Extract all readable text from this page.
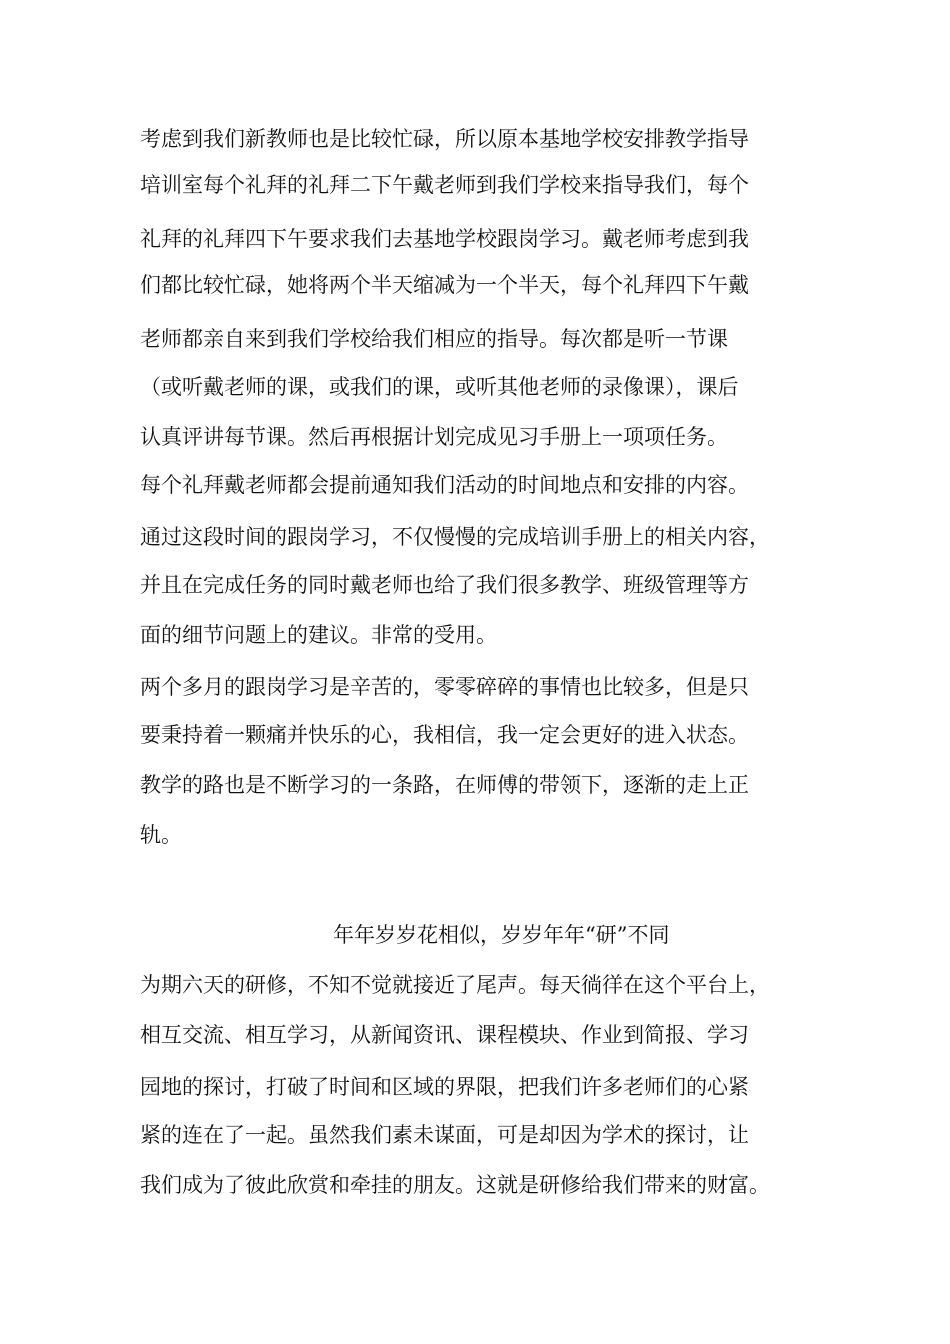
考虑到我们新教师也是比较忙碌，所以原本基地学校安排教学指导
培训室每个礼拜的礼拜二下午戴老师到我们学校来指导我们，每个
礼拜的礼拜四下午要求我们去基地学校跟岗学习。戴老师考虑到我
们都比较忙碌，她将两个半天缩减为一个半天，每个礼拜四下午戴
老师都亲自来到我们学校给我们相应的指导。每次都是听一节课
（或听戴老师的课，或我们的课，或听其他老师的录像课），课后
认真评讲每节课。然后再根据计划完成见习手册上一项项任务。
每个礼拜戴老师都会提前通知我们活动的时间地点和安排的内容。
通过这段时间的跟岗学习，不仅慢慢的完成培训手册上的相关内容，
并且在完成任务的同时戴老师也给了我们很多教学、班级管理等方
面的细节问题上的建议。非常的受用。
两个多月的跟岗学习是辛苦的，零零碎碎的事情也比较多，但是只
要秉持着一颗痛并快乐的心，我相信，我一定会更好的进入状态。
教学的路也是不断学习的一条路，在师傅的带领下，逐渐的走上正
轨。
年年岁岁花相似，岁岁年年“研”不同
为期六天的研修，不知不觉就接近了尾声。每天徜徉在这个平台上，
相互交流、相互学习，从新闻资讯、课程模块、作业到简报、学习
园地的探讨，打破了时间和区域的界限，把我们许多老师们的心紧
紧的连在了一起。虽然我们素未谋面，可是却因为学术的探讨，让
我们成为了彼此欣赏和牵挂的朋友。这就是研修给我们带来的财富。
